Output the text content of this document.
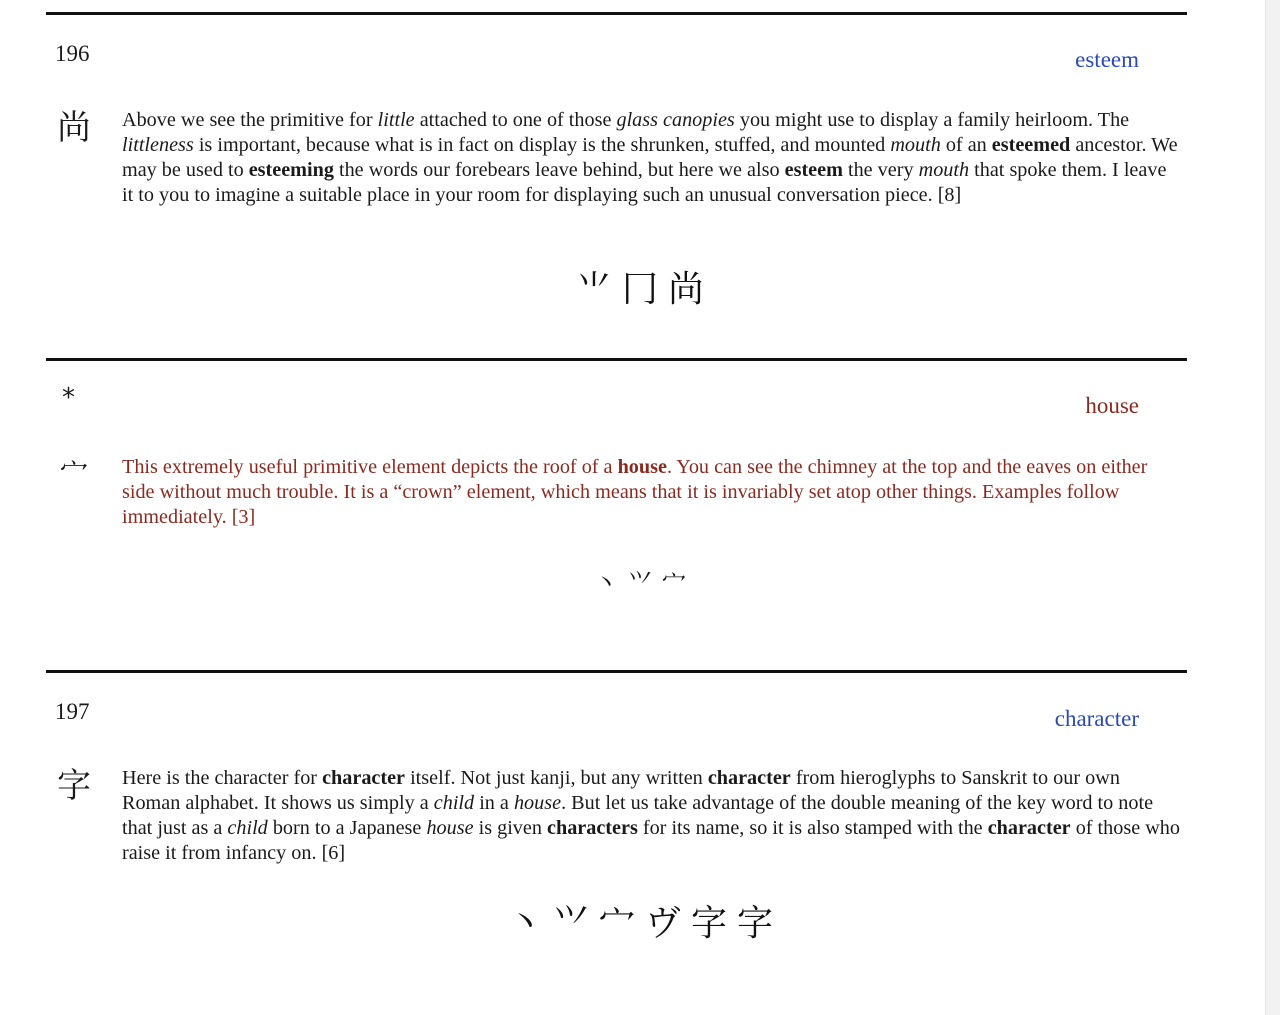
196	esteem
尚 Above we see the primitive for little attached to one of those glass canopies you might use to display a family heirloom. The littleness is important, because what is in fact on display is the shrunken, stuffed, and mounted mouth of an esteemed ancestor. We may be used to esteeming the words our forebears leave behind, but here we also esteem the very mouth that spoke them. I leave it to you to imagine a suitable place in your room for displaying such an unusual conversation piece. [8]

⺌ 冂 尚
*	house
宀 This extremely useful primitive element depicts the roof of a house. You can see the chimney at the top and the eaves on either side without much trouble. It is a “crown” element, which means that it is invariably set atop other things. Examples follow immediately. [3]

丶 ⺍ 宀
197	character
字 Here is the character for character itself. Not just kanji, but any written character from hieroglyphs to Sanskrit to our own Roman alphabet. It shows us simply a child in a house. But let us take advantage of the double meaning of the key word to note that just as a child born to a Japanese house is given characters for its name, so it is also stamped with the character of those who raise it from infancy on. [6]

丶 ⺍ 宀 ヴ 字 字
